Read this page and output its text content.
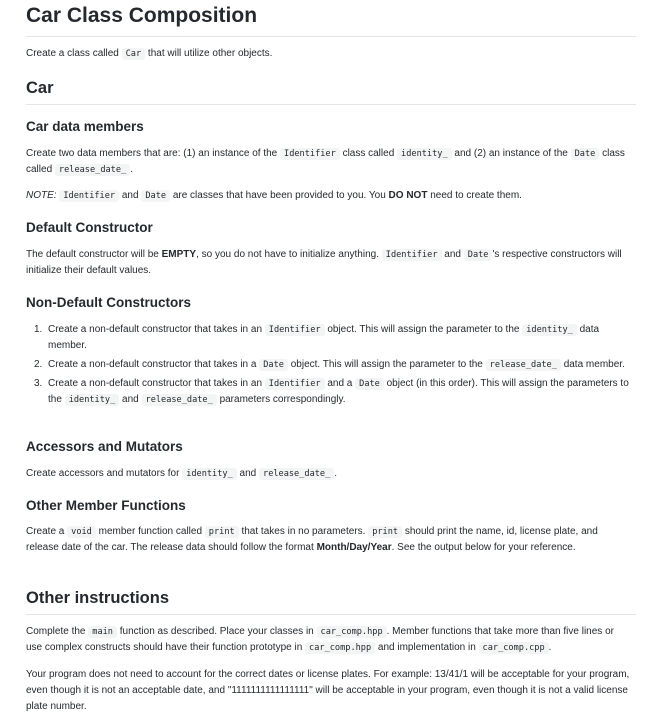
Car Class Composition

Create a class called Car that will utilize other objects.

Car
Car data members

Create two data members that are: (1) an instance of the Identifier class called identity_ and (2) an instance of the Date class called release_date_ .

NOTE: Identifier and Date are classes that have been provided to you. You DO NOT need to create them.

Default Constructor

The default constructor will be EMPTY, so you do not have to initialize anything. Identifier and Date 's respective constructors will initialize their default values.

Non-Default Constructors
1. Create a non-default constructor that takes in an Identifier object. This will assign the parameter to the identity_ data member.
2. Create a non-default constructor that takes in a Date object. This will assign the parameter to the release_date_ data member.
3. Create a non-default constructor that takes in an Identifier and a Date object (in this order). This will assign the parameters to the identity_ and release_date_ parameters correspondingly.
Accessors and Mutators

Create accessors and mutators for identity_ and release_date_ .

Other Member Functions

Create a void member function called print that takes in no parameters. print should print the name, id, license plate, and release date of the car. The release data should follow the format Month/Day/Year. See the output below for your reference.

Other instructions

Complete the main function as described. Place your classes in car_comp.hpp . Member functions that take more than five lines or use complex constructs should have their function prototype in car_comp.hpp and implementation in car_comp.cpp .

Your program does not need to account for the correct dates or license plates. For example: 13/41/1 will be acceptable for your program, even though it is not an acceptable date, and "1111111111111111" will be acceptable in your program, even though it is not a valid license plate number.
